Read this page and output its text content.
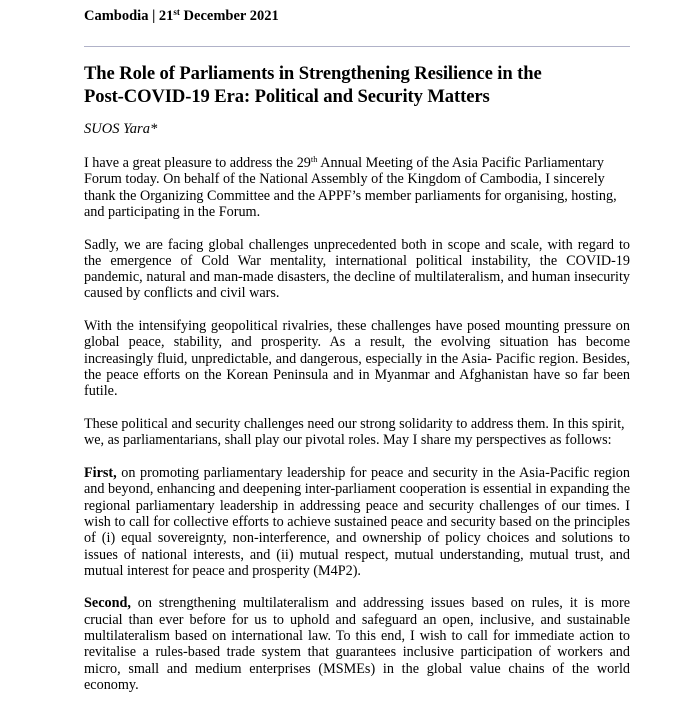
Cambodia | 21st December 2021
The Role of Parliaments in Strengthening Resilience in the
Post-COVID-19 Era: Political and Security Matters
SUOS Yara*

I have a great pleasure to address the 29th Annual Meeting of the Asia Pacific Parliamentary Forum today. On behalf of the National Assembly of the Kingdom of Cambodia, I sincerely thank the Organizing Committee and the APPF’s member parliaments for organising, hosting, and participating in the Forum.

Sadly, we are facing global challenges unprecedented both in scope and scale, with regard to the emergence of Cold War mentality, international political instability, the COVID-19 pandemic, natural and man-made disasters, the decline of multilateralism, and human insecurity caused by conflicts and civil wars.

With the intensifying geopolitical rivalries, these challenges have posed mounting pressure on global peace, stability, and prosperity. As a result, the evolving situation has become increasingly fluid, unpredictable, and dangerous, especially in the Asia- Pacific region. Besides, the peace efforts on the Korean Peninsula and in Myanmar and Afghanistan have so far been futile.

These political and security challenges need our strong solidarity to address them. In this spirit, we, as parliamentarians, shall play our pivotal roles. May I share my perspectives as follows:

First, on promoting parliamentary leadership for peace and security in the Asia-Pacific region and beyond, enhancing and deepening inter-parliament cooperation is essential in expanding the regional parliamentary leadership in addressing peace and security challenges of our times. I wish to call for collective efforts to achieve sustained peace and security based on the principles of (i) equal sovereignty, non-interference, and ownership of policy choices and solutions to issues of national interests, and (ii) mutual respect, mutual understanding, mutual trust, and mutual interest for peace and prosperity (M4P2).

Second, on strengthening multilateralism and addressing issues based on rules, it is more crucial than ever before for us to uphold and safeguard an open, inclusive, and sustainable multilateralism based on international law. To this end, I wish to call for immediate action to revitalise a rules-based trade system that guarantees inclusive participation of workers and micro, small and medium enterprises (MSMEs) in the global value chains of the world economy.
